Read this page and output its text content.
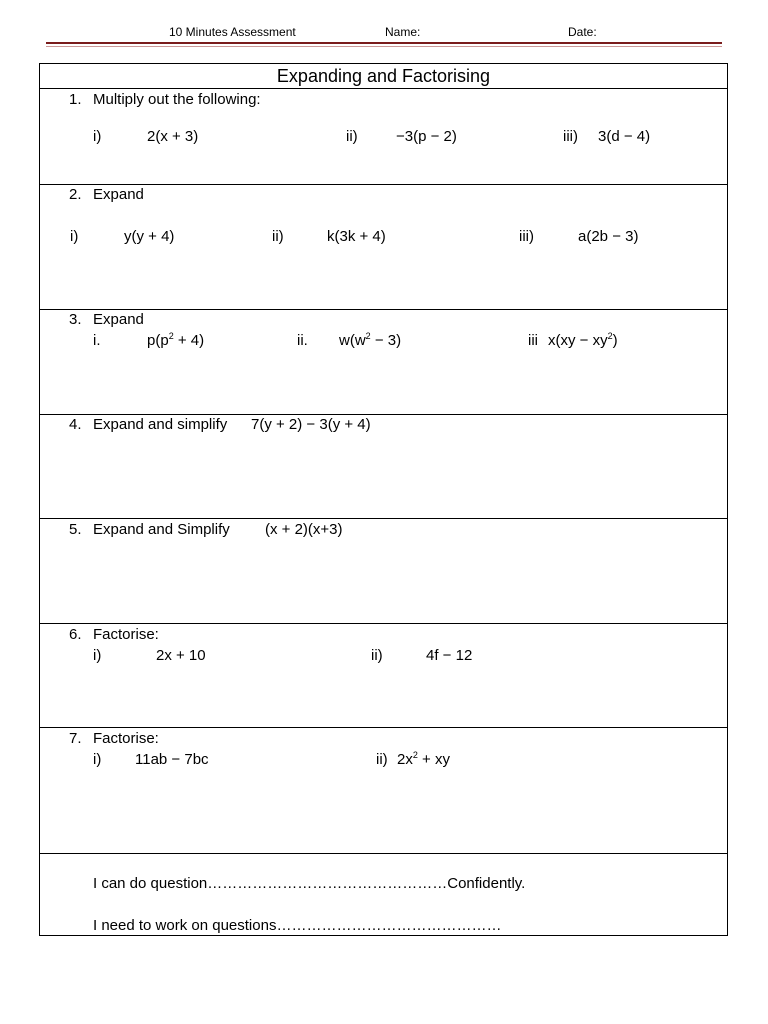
10 Minutes Assessment	Name:	Date:
Expanding and Factorising
1. Multiply out the following:
i)	2(x + 3)	ii)	−3(p − 2)	iii) 3(d − 4)
2. Expand
i)	y(y + 4)	ii)	k(3k + 4)	iii)	a(2b − 3)
3. Expand
i.	$p(p^2 + 4)$	ii. $w(w^2 - 3)$	iii $x(xy - xy^2)$
4. Expand and simplify 7(y + 2) − 3(y + 4)
5. Expand and Simplify (x + 2)(x+3)
6. Factorise:
i)	2x + 10	ii)	4f − 12
7. Factorise:
i) 11ab − 7bc	ii) $2x^2$ + xy
I can do question…………………………………………Confidently.
I need to work on questions………………………………………
